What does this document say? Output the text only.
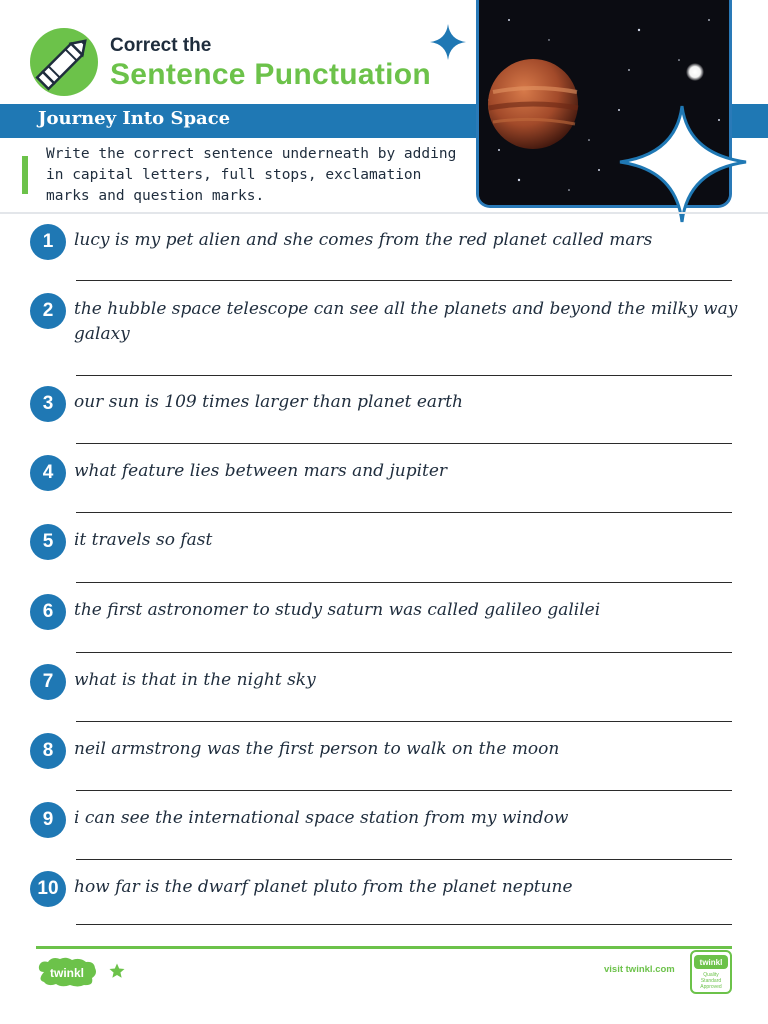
Correct the
Sentence Punctuation
Journey Into Space
Write the correct sentence underneath by adding in capital letters, full stops, exclamation marks and question marks.
1	lucy is my pet alien and she comes from the red planet called mars
2	the hubble space telescope can see all the planets and beyond the milky way galaxy
3	our sun is 109 times larger than planet earth
4	what feature lies between mars and jupiter
5	it travels so fast
6	the first astronomer to study saturn was called galileo galilei
7	what is that in the night sky
8	neil armstrong was the first person to walk on the moon
9	i can see the international space station from my window
10 how far is the dwarf planet pluto from the planet neptune
twinkl	visit twinkl.com
twinkl
Quality Standard Approved
